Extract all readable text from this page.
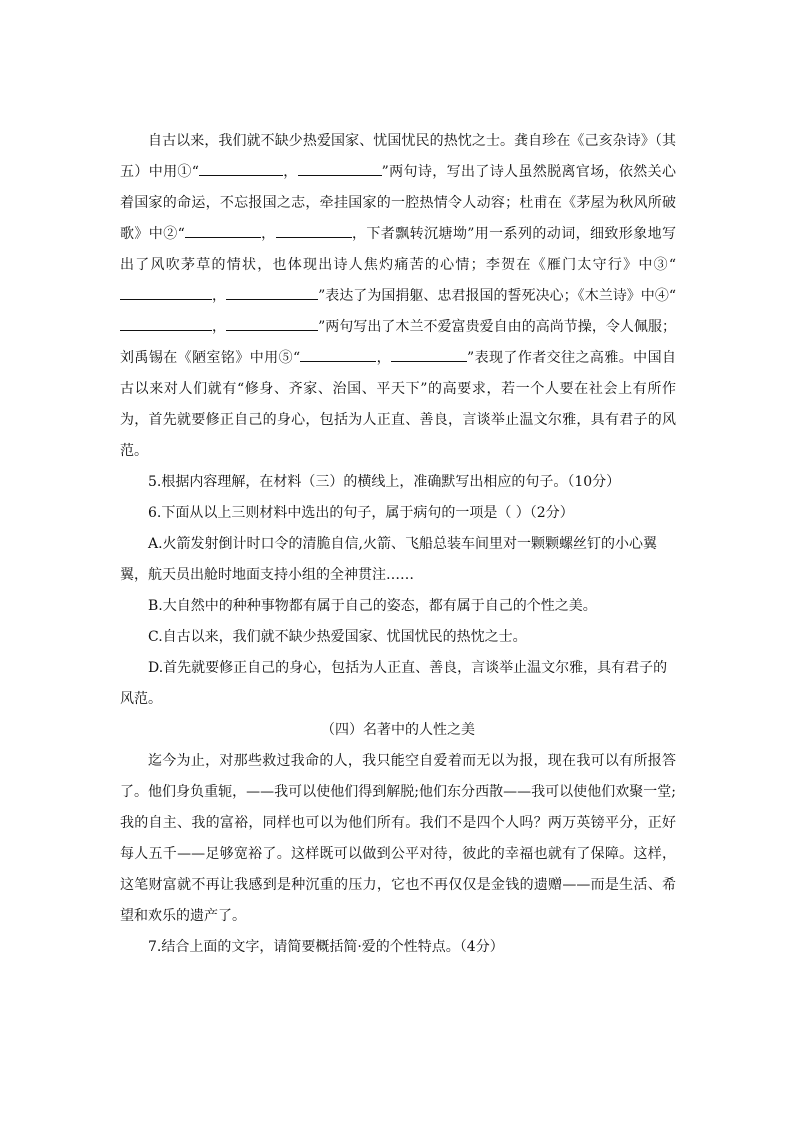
自古以来，我们就不缺少热爱国家、忧国忧民的热忱之士。龚自珍在《己亥杂诗》（其五）中用①“	，	”两句诗，写出了诗人虽然脱离官场，依然关心着国家的命运，不忘报国之志，牵挂国家的一腔热情令人动容；杜甫在《茅屋为秋风所破歌》中②“	，	，下者飘转沉塘坳”用一系列的动词，细致形象地写出了风吹茅草的情状，也体现出诗人焦灼痛苦的心情；李贺在《雁门太守行》中③“，	”表达了为国捐躯、忠君报国的誓死决心；《木兰诗》中④“，	”两句写出了木兰不爱富贵爱自由的高尚节操，令人佩服；刘禹锡在《陋室铭》中用⑤“	，	”表现了作者交往之高雅。中国自古以来对人们就有“修身、齐家、治国、平天下”的高要求，若一个人要在社会上有所作为，首先就要修正自己的身心，包括为人正直、善良，言谈举止温文尔雅，具有君子的风范。

5.根据内容理解，在材料（三）的横线上，准确默写出相应的句子。（10分）

6.下面从以上三则材料中选出的句子，属于病句的一项是（ ）（2分）

A.火箭发射倒计时口令的清脆自信,火箭、飞船总装车间里对一颗颗螺丝钉的小心翼翼，航天员出舱时地面支持小组的全神贯注……

B.大自然中的种种事物都有属于自己的姿态，都有属于自己的个性之美。

C.自古以来，我们就不缺少热爱国家、忧国忧民的热忱之士。

D.首先就要修正自己的身心，包括为人正直、善良，言谈举止温文尔雅，具有君子的风范。

（四）名著中的人性之美

迄今为止，对那些救过我命的人，我只能空自爱着而无以为报，现在我可以有所报答了。他们身负重轭，——我可以使他们得到解脱;他们东分西散——我可以使他们欢聚一堂;我的自主、我的富裕，同样也可以为他们所有。我们不是四个人吗？两万英镑平分，正好每人五千——足够宽裕了。这样既可以做到公平对待，彼此的幸福也就有了保障。这样，这笔财富就不再让我感到是种沉重的压力，它也不再仅仅是金钱的遗赠——而是生活、希望和欢乐的遗产了。

7.结合上面的文字，请简要概括简·爱的个性特点。（4分）
